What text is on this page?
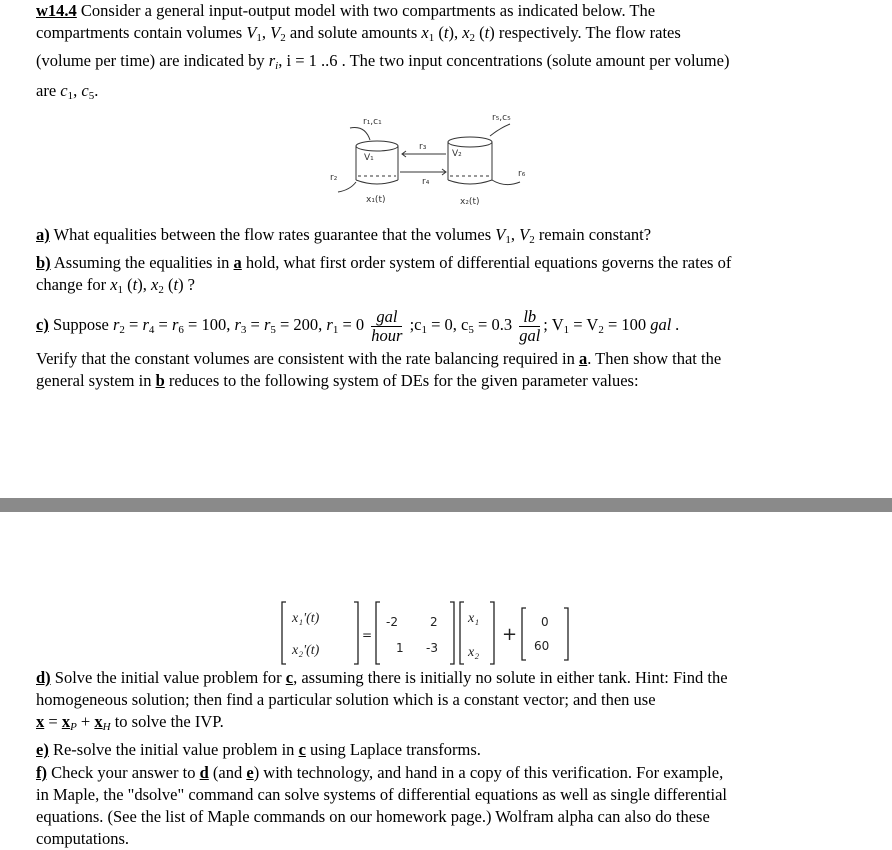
w14.4 Consider a general input-output model with two compartments as indicated below. The
compartments contain volumes $V_1$, $V_2$ and solute amounts $x_1$ (t), $x_2$ (t) respectively. The flow rates
(volume per time) are indicated by $r_i$, i = 1 ..6 . The two input concentrations (solute amount per volume)
are $c_1$, $c_5$.
V₁	V₂
r₁,c₁	r₅,c₅
r₃
r₄
r₂	r₆
x₁(t)	x₂(t)
a) What equalities between the flow rates guarantee that the volumes $V_1$, $V_2$ remain constant?
b) Assuming the equalities in a hold, what first order system of differential equations governs the rates of
change for $x_1$ (t), $x_2$ (t) ?
c) Suppose $r_2 = r_4 = r_6 = 100$, $r_3 = r_5 = 200$, $r_1 = 0 \frac{\text{gal}}{\text{hour}}$ $;c_1 = 0$, $c_5 = 0.3 \frac{lb}{\text{gal}}$ ; $V_1 = V_2 = 100$ gal .
Verify that the constant volumes are consistent with the rate balancing required in a. Then show that the
general system in b reduces to the following system of DEs for the given parameter values:
x₁'(t)
x₂'(t)
=
-2	2
1 -3
x₁
x₂
+
0
60
d) Solve the initial value problem for c, assuming there is initially no solute in either tank. Hint: Find the
homogeneous solution; then find a particular solution which is a constant vector; and then use
$x = x_P + x_H$ to solve the IVP.
e) Re-solve the initial value problem in c using Laplace transforms.
f) Check your answer to d (and e) with technology, and hand in a copy of this verification. For example,
in Maple, the "dsolve" command can solve systems of differential equations as well as single differential
equations. (See the list of Maple commands on our homework page.) Wolfram alpha can also do these
computations.
